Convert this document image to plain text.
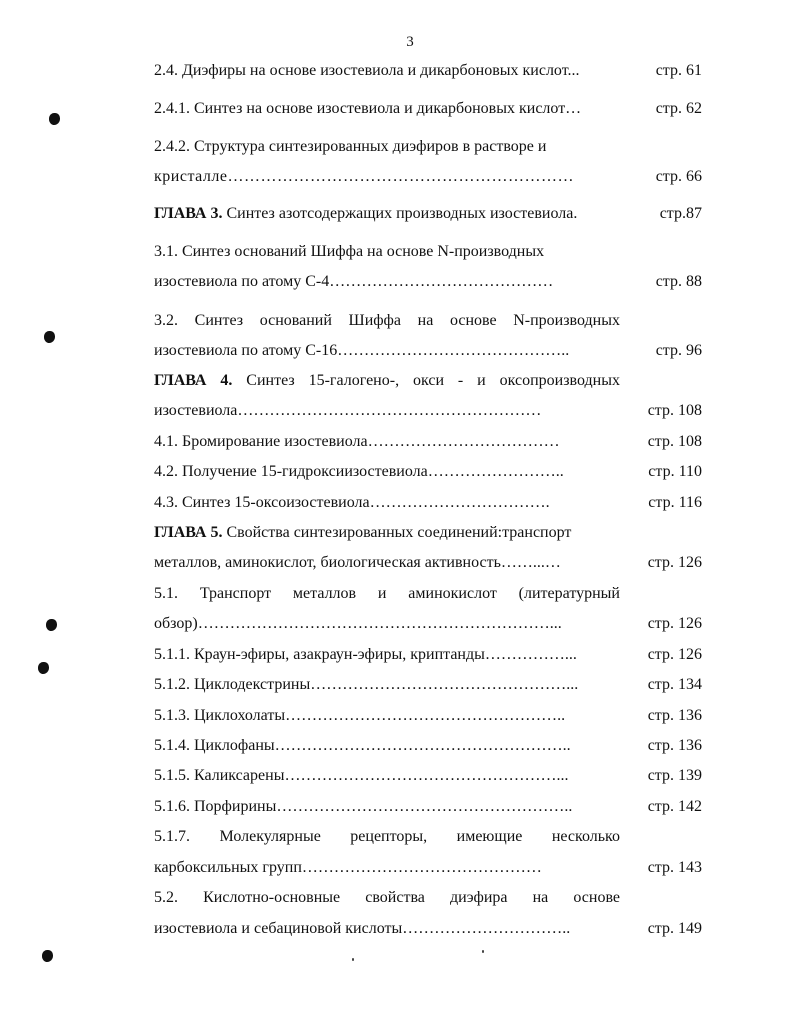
3
2.4. Диэфиры на основе изостевиола и дикарбоновых кислот...	стр. 61
2.4.1. Синтез на основе изостевиола и дикарбоновых кислот…	стр. 62
2.4.2. Структура синтезированных диэфиров в растворе и
кристалле………………………………………………………	стр. 66
ГЛАВА 3. Синтез азотсодержащих производных изостевиола.	стр.87
3.1. Синтез оснований Шиффа на основе N-производных
изостевиола по атому С-4……………………………………	стр. 88
3.2. Синтез оснований Шиффа на основе N-производных
изостевиола по атому С-16……………………………………..	стр. 96
ГЛАВА 4. Синтез 15-галогено-, окси - и оксопроизводных
изостевиола…………………………………………………	стр. 108
4.1. Бромирование изостевиола………………………………	стр. 108
4.2. Получение 15-гидроксиизостевиола……………………..	стр. 110
4.3. Синтез 15-оксоизостевиола…………………………….	стр. 116
ГЛАВА 5. Свойства синтезированных соединений:транспорт
металлов, аминокислот, биологическая активность……...…	стр. 126
5.1. Транспорт металлов и аминокислот (литературный
обзор)…………………………………………………………...	стр. 126
5.1.1. Краун-эфиры, азакраун-эфиры, криптанды……………...	стр. 126
5.1.2. Циклодекстрины…………………………………………...	стр. 134
5.1.3. Циклохолаты……………………………………………..	стр. 136
5.1.4. Циклофаны………………………………………………..	стр. 136
5.1.5. Каликсарены……………………………………………...	стр. 139
5.1.6. Порфирины………………………………………………..	стр. 142
5.1.7. Молекулярные рецепторы, имеющие несколько
карбоксильных групп………………………………………	стр. 143
5.2. Кислотно-основные свойства диэфира на основе
изостевиола и себациновой кислоты…………………………..	стр. 149
